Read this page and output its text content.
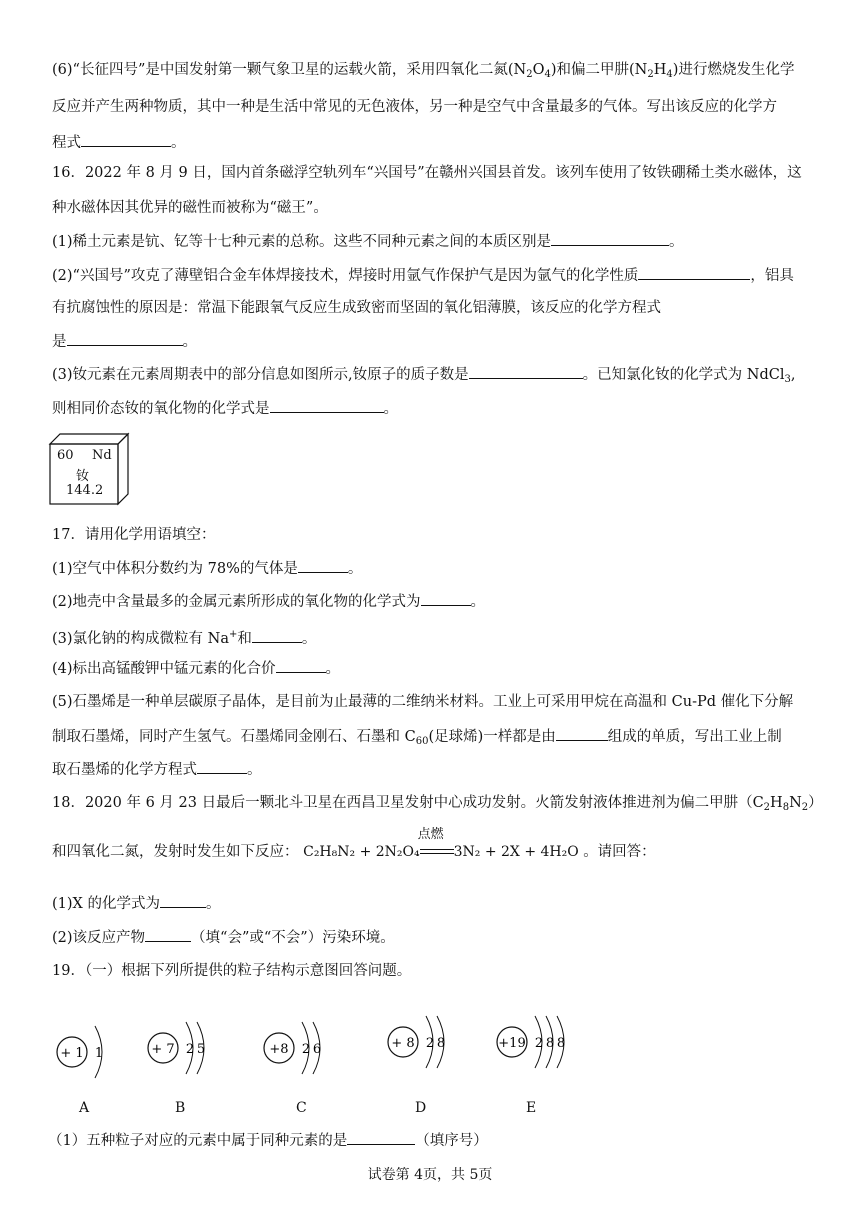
(6)“长征四号”是中国发射第一颗气象卫星的运载火箭，采用四氧化二氮$(N_2O_4)$和偏二甲肼$(N_2H_4)$进行燃烧发生化学
反应并产生两种物质，其中一种是生活中常见的无色液体，另一种是空气中含量最多的气体。写出该反应的化学方
程式	。
16．2022 年 8 月 9 日，国内首条磁浮空轨列车“兴国号”在赣州兴国县首发。该列车使用了钕铁硼稀土类水磁体，这
种水磁体因其优异的磁性而被称为“磁王”。
(1)稀土元素是钪、钇等十七种元素的总称。这些不同种元素之间的本质区别是	。
(2)“兴国号”攻克了薄壁铝合金车体焊接技术，焊接时用氩气作保护气是因为氩气的化学性质	，铝具
有抗腐蚀性的原因是：常温下能跟氧气反应生成致密而坚固的氧化铝薄膜，该反应的化学方程式
是	。
(3)钕元素在元素周期表中的部分信息如图所示,钕原子的质子数是	。已知氯化钕的化学式为 NdCl$_3$,
则相同价态钕的氧化物的化学式是	。
60 Nd
钕
144.2
17．请用化学用语填空：
(1)空气中体积分数约为 78%的气体是	。
(2)地壳中含量最多的金属元素所形成的氧化物的化学式为	。
(3)氯化钠的构成微粒有 Na+和	。
(4)标出高锰酸钾中锰元素的化合价	。
(5)石墨烯是一种单层碳原子晶体，是目前为止最薄的二维纳米材料。工业上可采用甲烷在高温和 Cu-Pd 催化下分解
制取石墨烯，同时产生氢气。石墨烯同金刚石、石墨和 $C_{60}$(足球烯)一样都是由	组成的单质，写出工业上制
取石墨烯的化学方程式	。
18．2020 年 6 月 23 日最后一颗北斗卫星在西昌卫星发射中心成功发射。火箭发射液体推进剂为偏二甲肼$(C_2H_8N_2)$
和四氧化二氮，发射时发生如下反应： C₂H₈N₂ + 2N₂O₄
点燃
3N₂ + 2X + 4H₂O 。请回答：
(1)X 的化学式为	。
(2)该反应产物	（填“会”或“不会”）污染环境。
19．（一）根据下列所提供的粒子结构示意图回答问题。
+ 1 1	+ 7 2 5	+8 2 6	+ 8 2 8	+19 2 8 8
A	B	C	D	E
（1）五种粒子对应的元素中属于同种元素的是	（填序号）
试卷第 4页，共 5页
